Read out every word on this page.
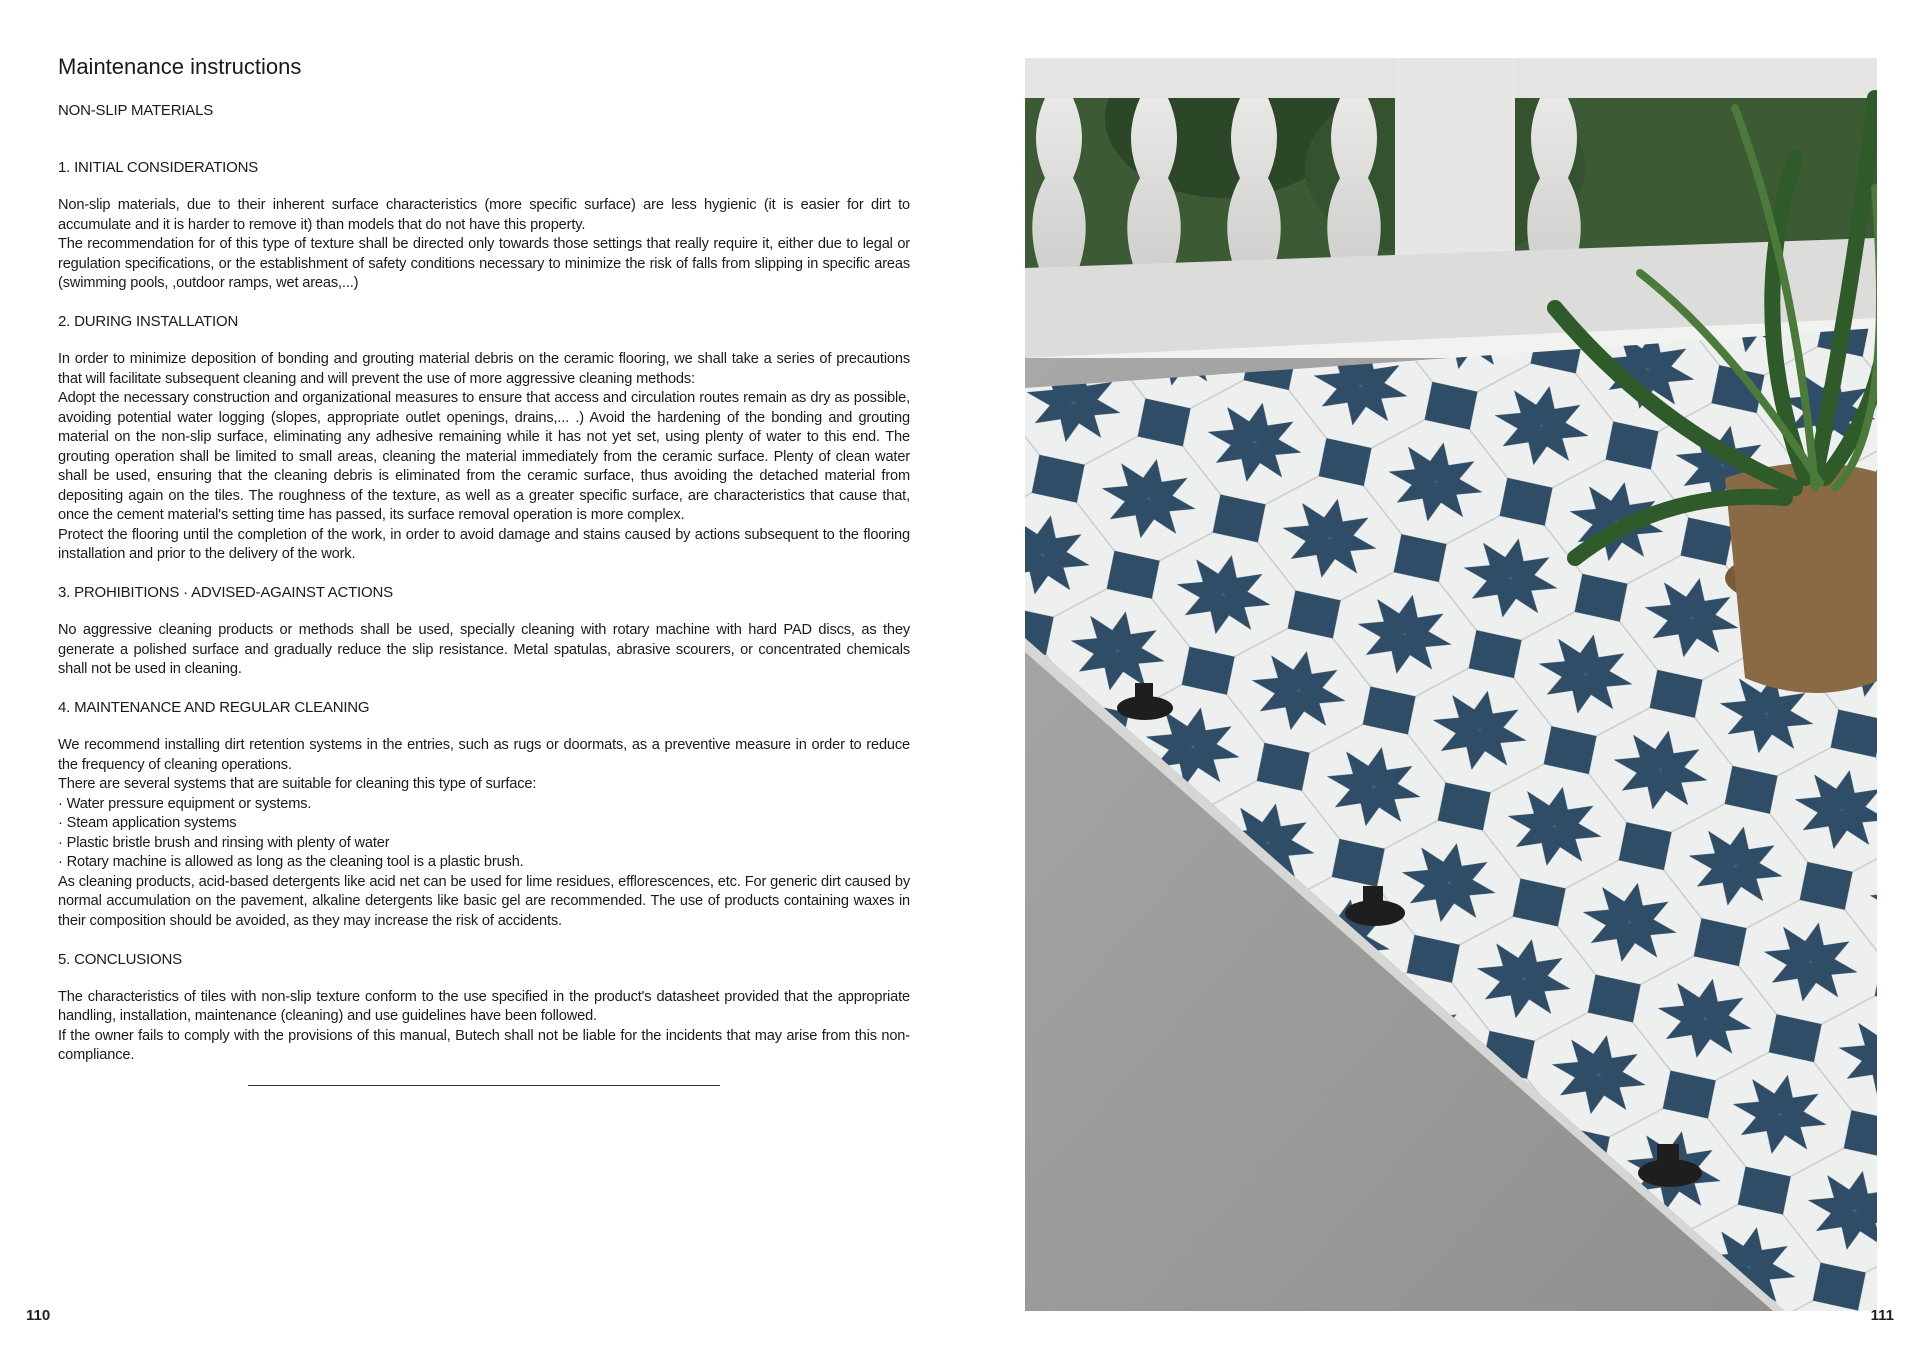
Maintenance instructions
NON-SLIP MATERIALS
1. INITIAL CONSIDERATIONS
Non-slip materials, due to their inherent surface characteristics (more specific surface) are less hygienic (it is easier for dirt to accumulate and it is harder to remove it) than models that do not have this property.
The recommendation for of this type of texture shall be directed only towards those settings that really require it, either due to legal or regulation specifications, or the establishment of safety conditions necessary to minimize the risk of falls from slipping in specific areas (swimming pools, ,outdoor ramps, wet areas,...)
2. DURING INSTALLATION
In order to minimize deposition of bonding and grouting material debris on the ceramic flooring, we shall take a series of precautions that will facilitate subsequent cleaning and will prevent the use of more aggressive cleaning methods:
Adopt the necessary construction and organizational measures to ensure that access and circulation routes remain as dry as possible, avoiding potential water logging (slopes, appropriate outlet openings, drains,... .) Avoid the hardening of the bonding and grouting material on the non-slip surface, eliminating any adhesive remaining while it has not yet set, using plenty of water to this end. The grouting operation shall be limited to small areas, cleaning the material immediately from the ceramic surface. Plenty of clean water shall be used, ensuring that the cleaning debris is eliminated from the ceramic surface, thus avoiding the detached material from depositing again on the tiles. The roughness of the texture, as well as a greater specific surface, are characteristics that cause that, once the cement material's setting time has passed, its surface removal operation is more complex.
Protect the flooring until the completion of the work, in order to avoid damage and stains caused by actions subsequent to the flooring installation and prior to the delivery of the work.
3. PROHIBITIONS · ADVISED-AGAINST ACTIONS
No aggressive cleaning products or methods shall be used, specially cleaning with rotary machine with hard PAD discs, as they generate a polished surface and gradually reduce the slip resistance. Metal spatulas, abrasive scourers, or concentrated chemicals shall not be used in cleaning.
4. MAINTENANCE AND REGULAR CLEANING
We recommend installing dirt retention systems in the entries, such as rugs or doormats, as a preventive measure in order to reduce the frequency of cleaning operations.
There are several systems that are suitable for cleaning this type of surface:
· Water pressure equipment or systems.
· Steam application systems
· Plastic bristle brush and rinsing with plenty of water
· Rotary machine is allowed as long as the cleaning tool is a plastic brush.
As cleaning products, acid-based detergents like acid net can be used for lime residues, efflorescences, etc. For generic dirt caused by normal accumulation on the pavement, alkaline detergents like basic gel are recommended. The use of products containing waxes in their composition should be avoided, as they may increase the risk of accidents.
5. CONCLUSIONS
The characteristics of tiles with non-slip texture conform to the use specified in the product's datasheet provided that the appropriate handling, installation, maintenance (cleaning) and use guidelines have been followed.
If the owner fails to comply with the provisions of this manual, Butech shall not be liable for the incidents that may arise from this non-compliance.
110	111
